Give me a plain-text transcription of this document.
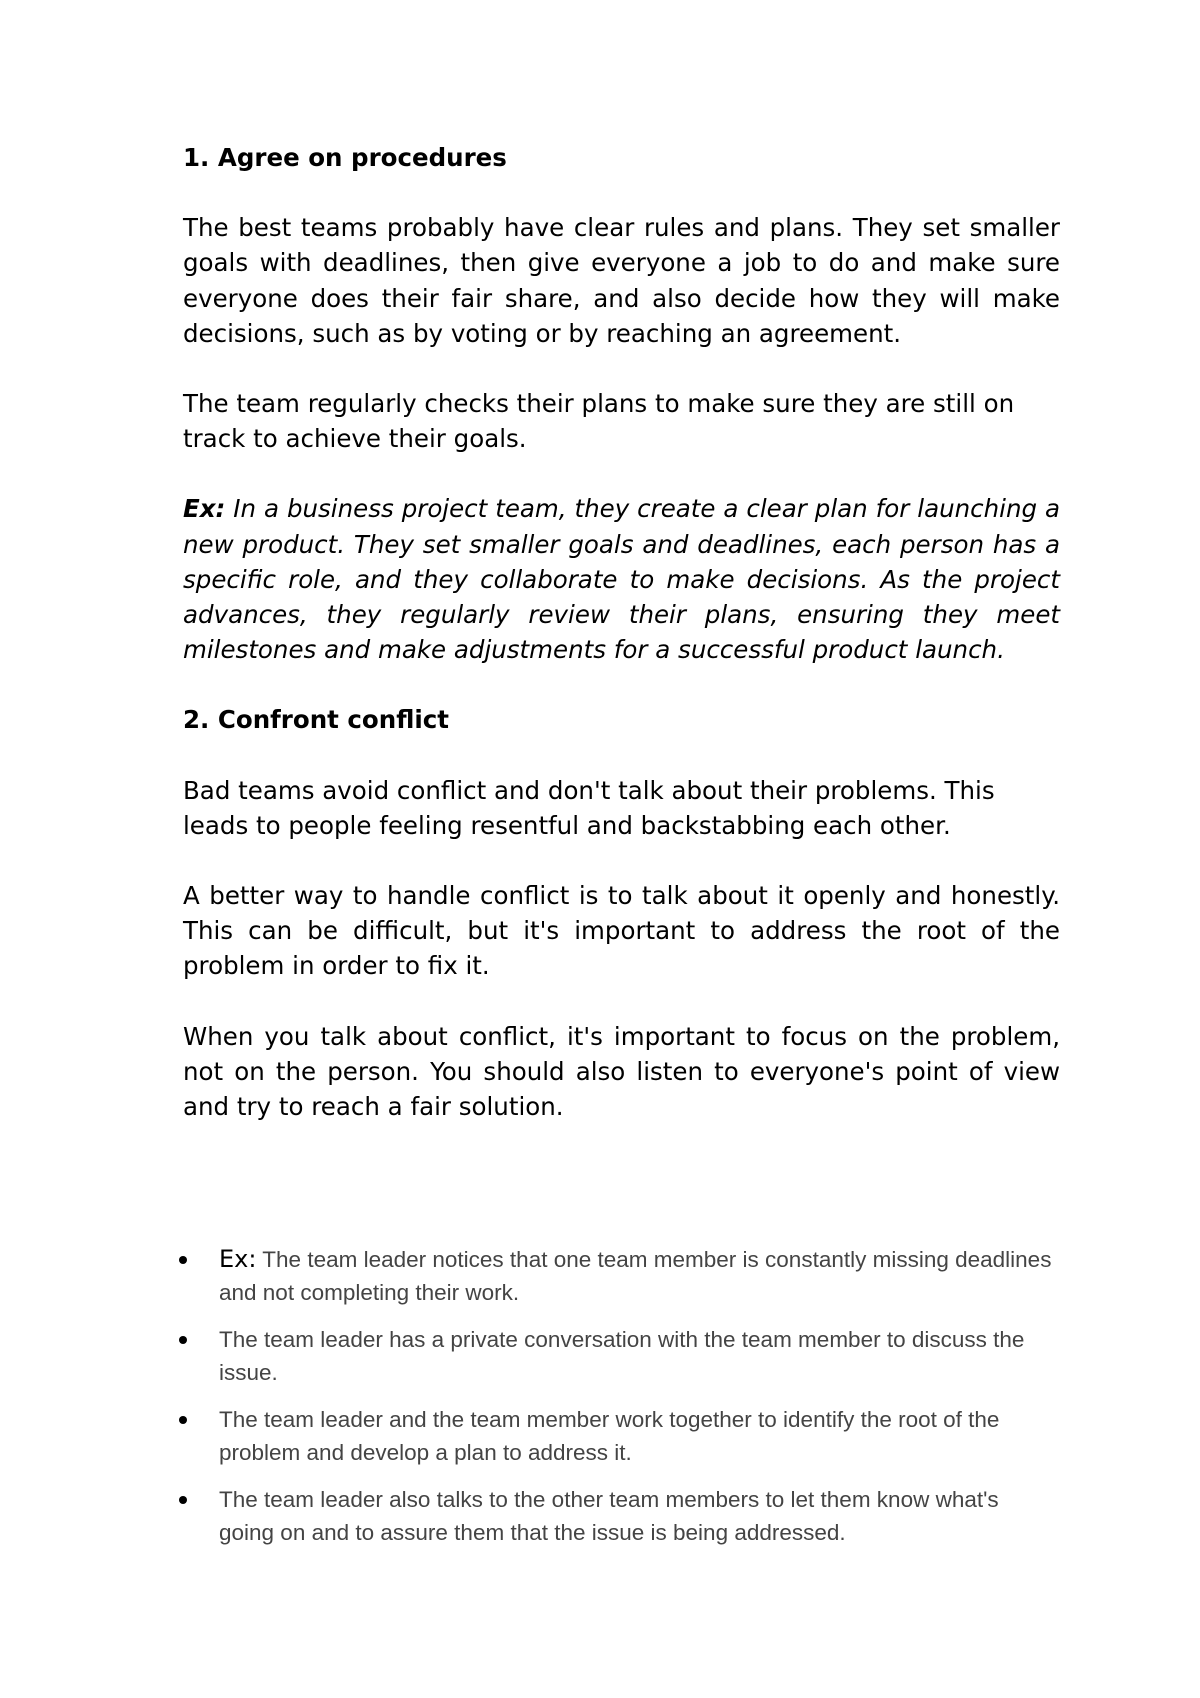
1. Agree on procedures

The best teams probably have clear rules and plans. They set smaller goals with deadlines, then give everyone a job to do and make sure everyone does their fair share, and also decide how they will make decisions, such as by voting or by reaching an agreement.

The team regularly checks their plans to make sure they are still on track to achieve their goals.

Ex: In a business project team, they create a clear plan for launching a new product. They set smaller goals and deadlines, each person has a specific role, and they collaborate to make decisions. As the project advances, they regularly review their plans, ensuring they meet milestones and make adjustments for a successful product launch.

2. Confront conflict

Bad teams avoid conflict and don't talk about their problems. This leads to people feeling resentful and backstabbing each other.

A better way to handle conflict is to talk about it openly and honestly. This can be difficult, but it's important to address the root of the problem in order to fix it.

When you talk about conflict, it's important to focus on the problem, not on the person. You should also listen to everyone's point of view and try to reach a fair solution.

Ex: The team leader notices that one team member is constantly missing deadlines and not completing their work.
The team leader has a private conversation with the team member to discuss the issue.
The team leader and the team member work together to identify the root of the problem and develop a plan to address it.
The team leader also talks to the other team members to let them know what's going on and to assure them that the issue is being addressed.
